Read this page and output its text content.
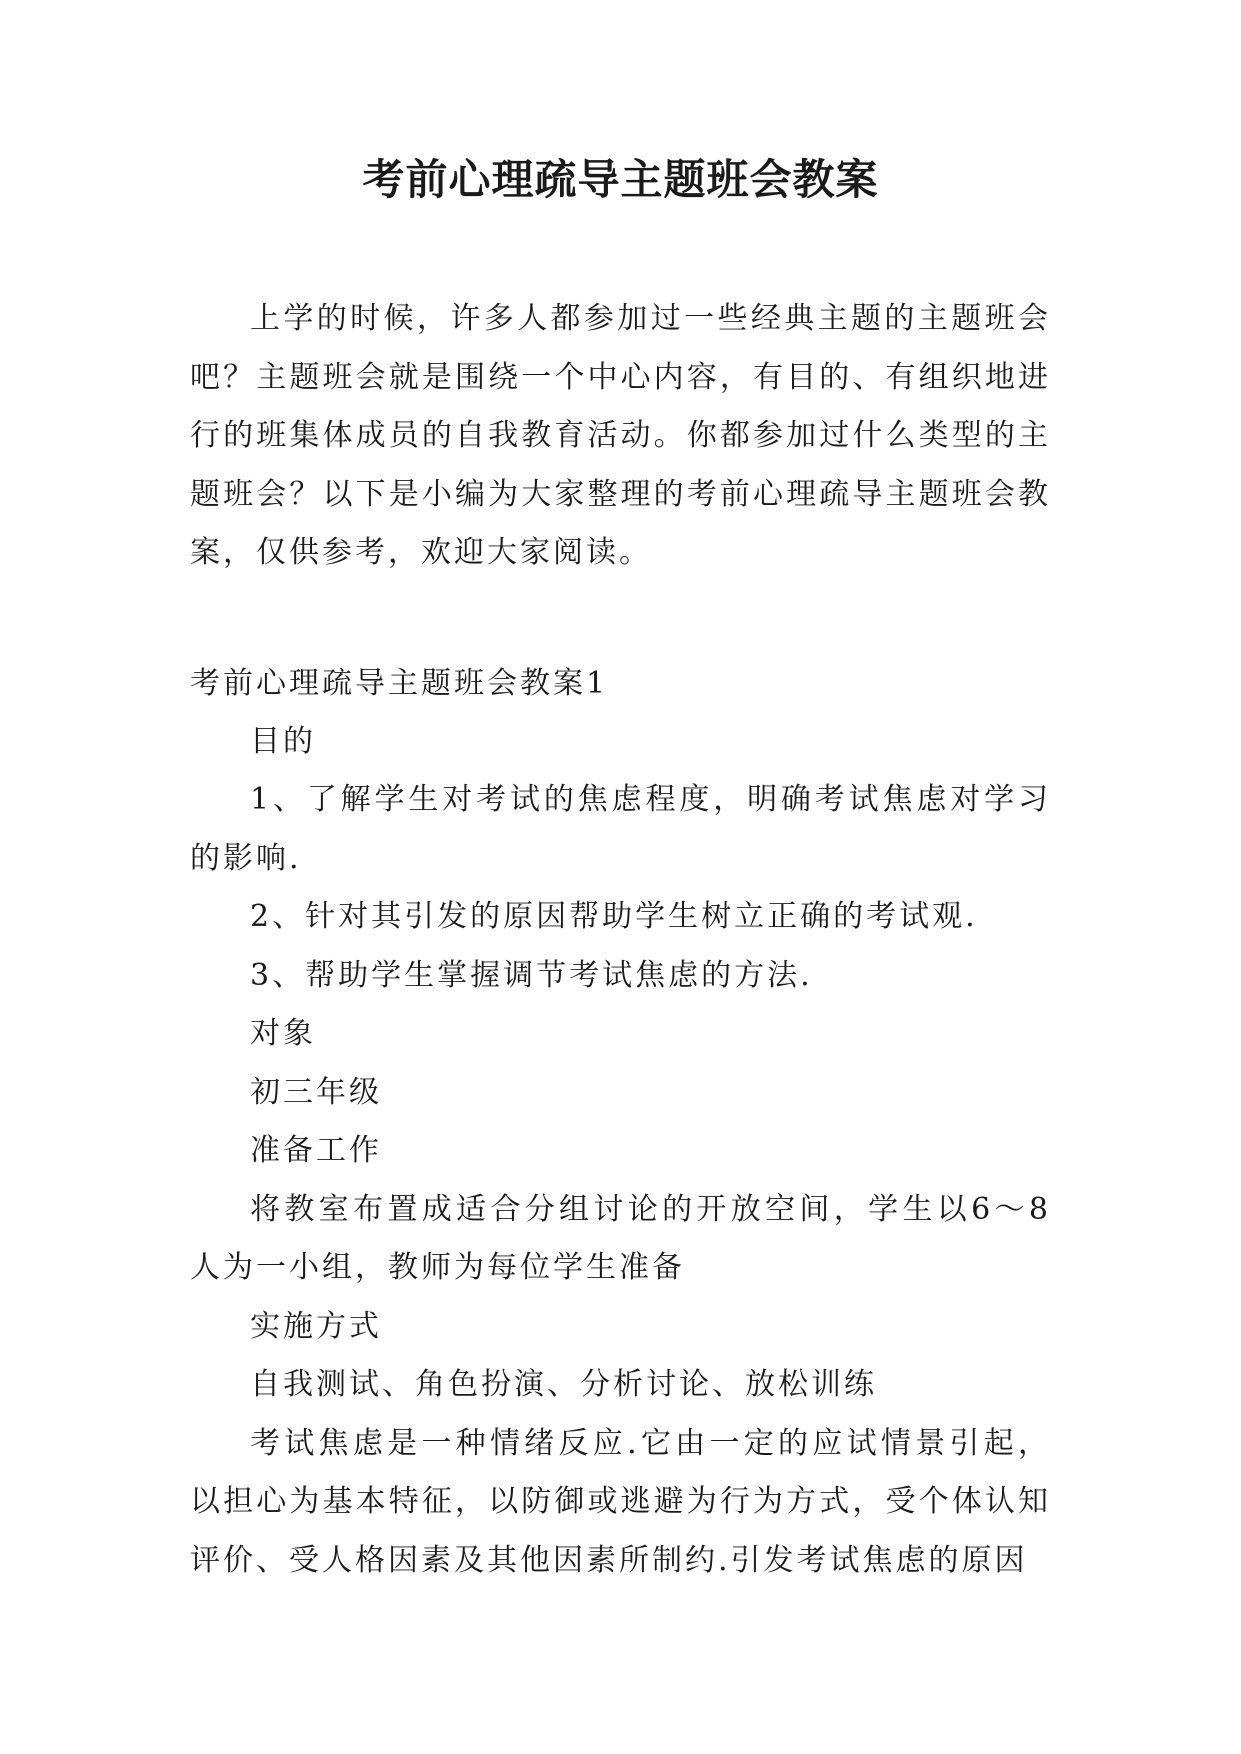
考前心理疏导主题班会教案

上学的时候，许多人都参加过一些经典主题的主题班会吧？主题班会就是围绕一个中心内容，有目的、有组织地进行的班集体成员的自我教育活动。你都参加过什么类型的主题班会？以下是小编为大家整理的考前心理疏导主题班会教案，仅供参考，欢迎大家阅读。

考前心理疏导主题班会教案1

目的

1、了解学生对考试的焦虑程度，明确考试焦虑对学习的影响.

2、针对其引发的原因帮助学生树立正确的考试观.

3、帮助学生掌握调节考试焦虑的方法.

对象

初三年级

准备工作

将教室布置成适合分组讨论的开放空间，学生以6～8人为一小组，教师为每位学生准备

实施方式

自我测试、角色扮演、分析讨论、放松训练

考试焦虑是一种情绪反应.它由一定的应试情景引起，以担心为基本特征，以防御或逃避为行为方式，受个体认知评价、受人格因素及其他因素所制约.引发考试焦虑的原因
